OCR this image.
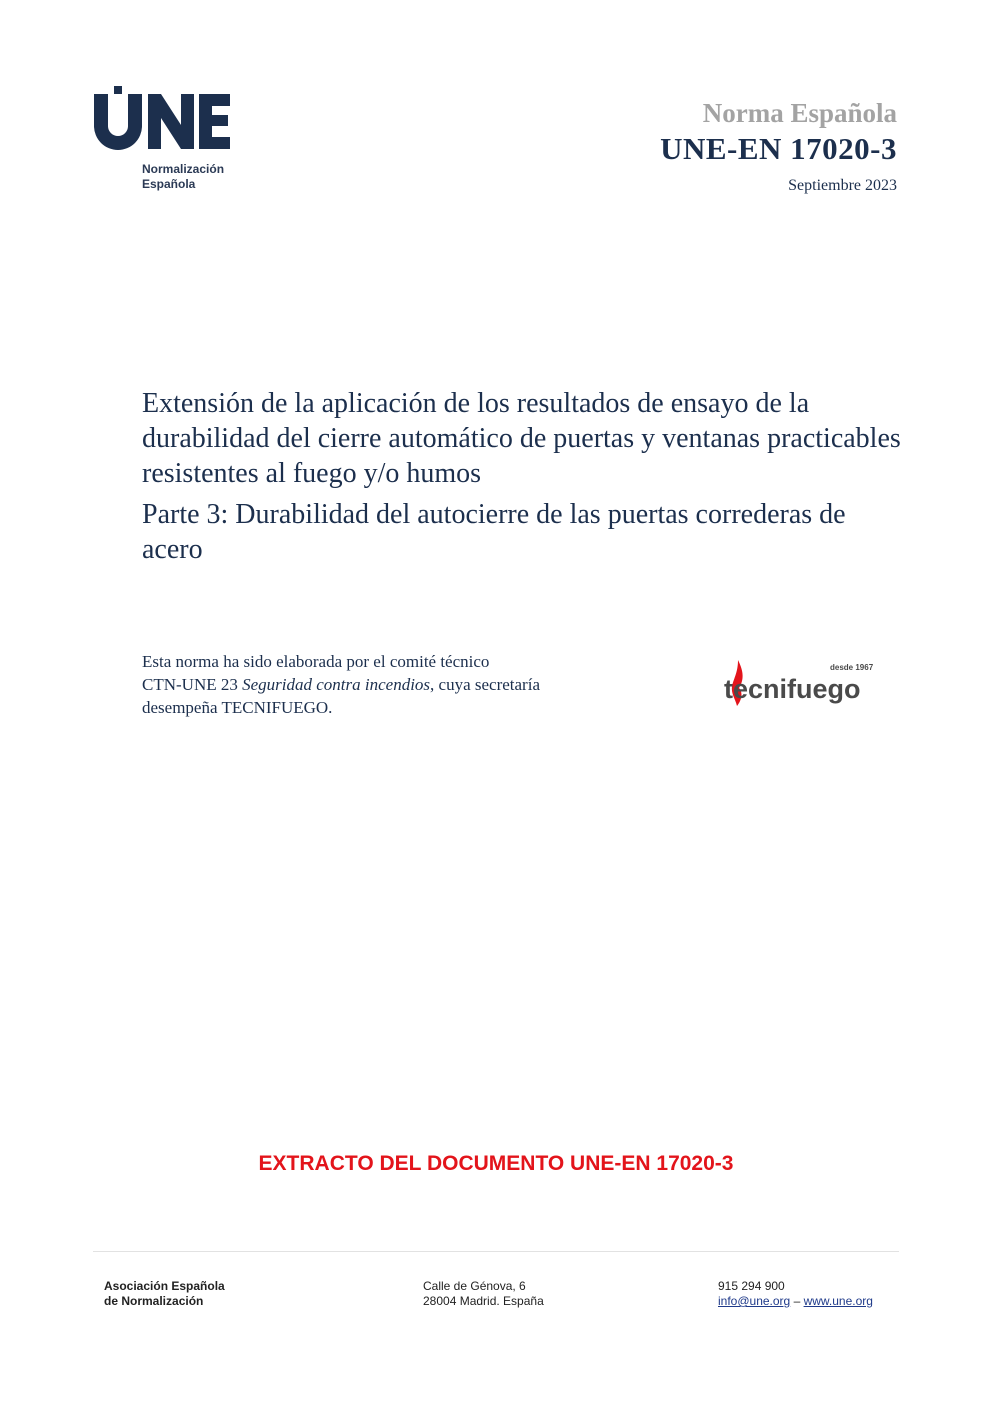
Normalización
Española
Norma Española
UNE-EN 17020-3
Septiembre 2023

Extensión de la aplicación de los resultados de ensayo de la durabilidad del cierre automático de puertas y ventanas practicables resistentes al fuego y/o humos

Parte 3: Durabilidad del autocierre de las puertas correderas de acero

Esta norma ha sido elaborada por el comité técnico
CTN-UNE 23 Seguridad contra incendios, cuya secretaría
desempeña TECNIFUEGO.
tecnifuego
desde 1967
EXTRACTO DEL DOCUMENTO UNE-EN 17020-3
Asociación Española
de Normalización
Calle de Génova, 6
28004 Madrid. España
915 294 900
info@une.org – www.une.org
